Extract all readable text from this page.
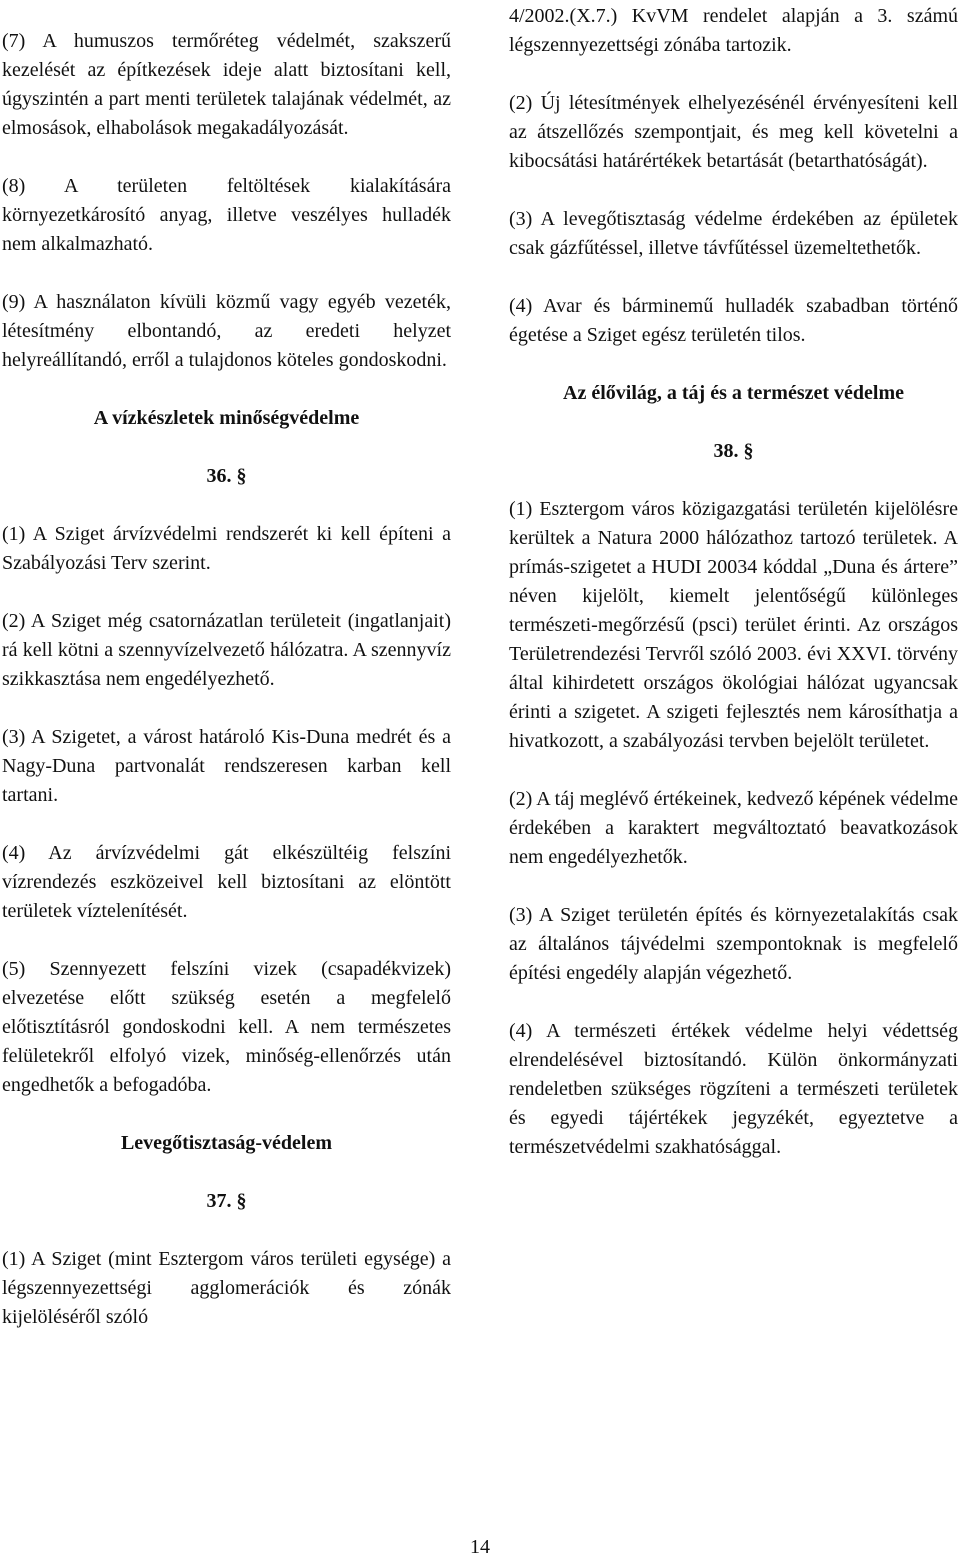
(7) A humuszos termőréteg védelmét, szakszerű kezelését az építkezések ideje alatt biztosítani kell, úgyszintén a part menti területek talajának védelmét, az elmosások, elhabolások megakadályozását.

(8) A területen feltöltések kialakítására környezetkárosító anyag, illetve veszélyes hulladék nem alkalmazható.

(9) A használaton kívüli közmű vagy egyéb vezeték, létesítmény elbontandó, az eredeti helyzet helyreállítandó, erről a tulajdonos köteles gondoskodni.

A vízkészletek minőségvédelme

36. §

(1) A Sziget árvízvédelmi rendszerét ki kell építeni a Szabályozási Terv szerint.

(2) A Sziget még csatornázatlan területeit (ingatlanjait) rá kell kötni a szennyvízelvezető hálózatra. A szennyvíz szikkasztása nem engedélyezhető.

(3) A Szigetet, a várost határoló Kis-Duna medrét és a Nagy-Duna partvonalát rendszeresen karban kell tartani.

(4) Az árvízvédelmi gát elkészültéig felszíni vízrendezés eszközeivel kell biztosítani az elöntött területek víztelenítését.

(5) Szennyezett felszíni vizek (csapadékvizek) elvezetése előtt szükség esetén a megfelelő előtisztításról gondoskodni kell. A nem természetes felületekről elfolyó vizek, minőség-ellenőrzés után engedhetők a befogadóba.

Levegőtisztaság-védelem

37. §

(1) A Sziget (mint Esztergom város területi egysége) a légszennyezettségi agglomerációk és zónák kijelöléséről szóló

4/2002.(X.7.) KvVM rendelet alapján a 3. számú légszennyezettségi zónába tartozik.

(2) Új létesítmények elhelyezésénél érvényesíteni kell az átszellőzés szempontjait, és meg kell követelni a kibocsátási határértékek betartását (betarthatóságát).

(3) A levegőtisztaság védelme érdekében az épületek csak gázfűtéssel, illetve távfűtéssel üzemeltethetők.

(4) Avar és bárminemű hulladék szabadban történő égetése a Sziget egész területén tilos.

Az élővilág, a táj és a természet védelme

38. §

(1) Esztergom város közigazgatási területén kijelölésre kerültek a Natura 2000 hálózathoz tartozó területek. A prímás-szigetet a HUDI 20034 kóddal „Duna és ártere” néven kijelölt, kiemelt jelentőségű különleges természeti-megőrzésű (psci) terület érinti. Az országos Területrendezési Tervről szóló 2003. évi XXVI. törvény által kihirdetett országos ökológiai hálózat ugyancsak érinti a szigetet. A szigeti fejlesztés nem károsíthatja a hivatkozott, a szabályozási tervben bejelölt területet.

(2) A táj meglévő értékeinek, kedvező képének védelme érdekében a karaktert megváltoztató beavatkozások nem engedélyezhetők.

(3) A Sziget területén építés és környezetalakítás csak az általános tájvédelmi szempontoknak is megfelelő építési engedély alapján végezhető.

(4) A természeti értékek védelme helyi védettség elrendelésével biztosítandó. Külön önkormányzati rendeletben szükséges rögzíteni a természeti területek és egyedi tájértékek jegyzékét, egyeztetve a természetvédelmi szakhatósággal.

14
